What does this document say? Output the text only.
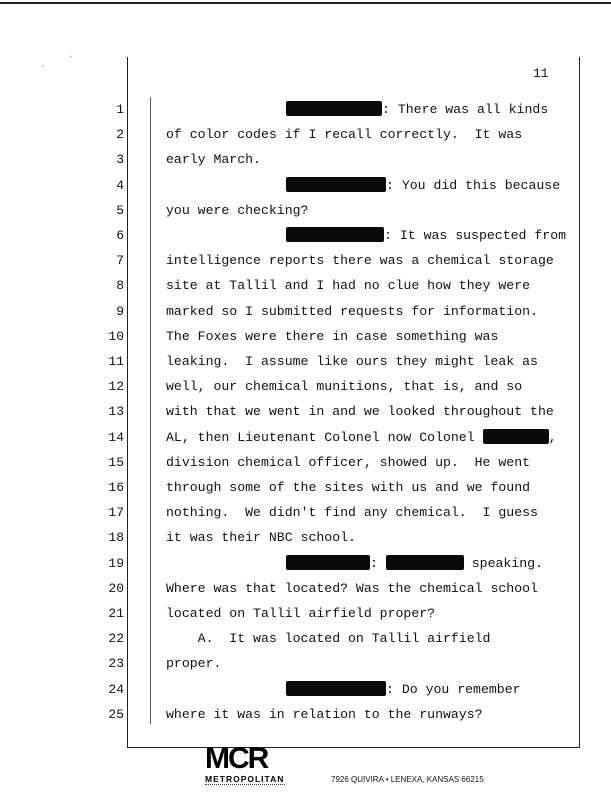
.
·	11
1	: There was all kinds
2	of color codes if I recall correctly.  It was
3	early March.
4	: You did this because
5	you were checking?
6	: It was suspected from
7	intelligence reports there was a chemical storage
8	site at Tallil and I had no clue how they were
9	marked so I submitted requests for information.
10	The Foxes were there in case something was
11	leaking.  I assume like ours they might leak as
12	well, our chemical munitions, that is, and so
13	with that we went in and we looked throughout the
14	AL, then Lieutenant Colonel now Colonel	,
15	division chemical officer, showed up.  He went
16	through some of the sites with us and we found
17	nothing.  We didn't find any chemical.  I guess
18	it was their NBC school.
19	:	speaking.
20	Where was that located? Was the chemical school
21	located on Tallil airfield proper?
22	A.  It was located on Tallil airfield
23	proper.
24	: Do you remember
25	where it was in relation to the runways?
MCR
METROPOLITAN	7926 QUIVIRA • LENEXA, KANSAS 66215
